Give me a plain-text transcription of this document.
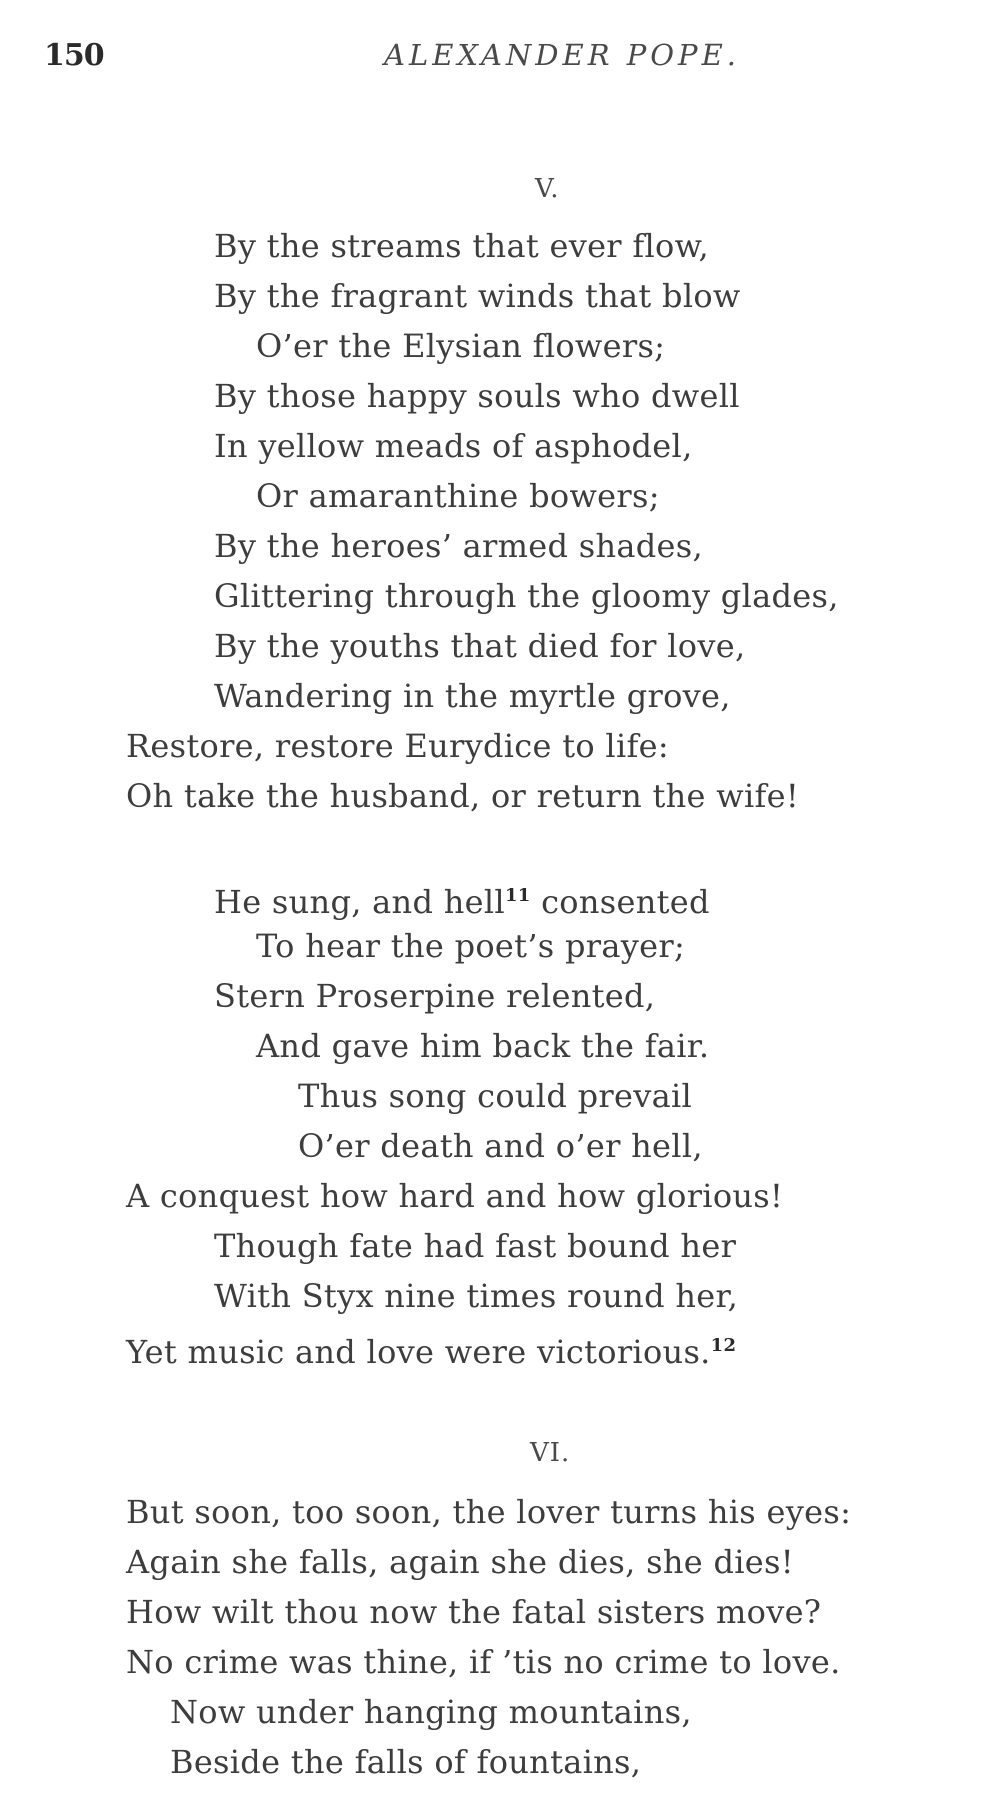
150	ALEXANDER POPE.
V.
By the streams that ever flow,
By the fragrant winds that blow
O’er the Elysian flowers;
By those happy souls who dwell
In yellow meads of asphodel,
Or amaranthine bowers;
By the heroes’ armed shades,
Glittering through the gloomy glades,
By the youths that died for love,
Wandering in the myrtle grove,
Restore, restore Eurydice to life:
Oh take the husband, or return the wife!
He sung, and hell$^{11}$ consented
To hear the poet’s prayer;
Stern Proserpine relented,
And gave him back the fair.
Thus song could prevail
O’er death and o’er hell,
A conquest how hard and how glorious!
Though fate had fast bound her
With Styx nine times round her,
Yet music and love were victorious.$^{12}$
VI.
But soon, too soon, the lover turns his eyes:
Again she falls, again she dies, she dies!
How wilt thou now the fatal sisters move?
No crime was thine, if ’tis no crime to love.
Now under hanging mountains,
Beside the falls of fountains,
